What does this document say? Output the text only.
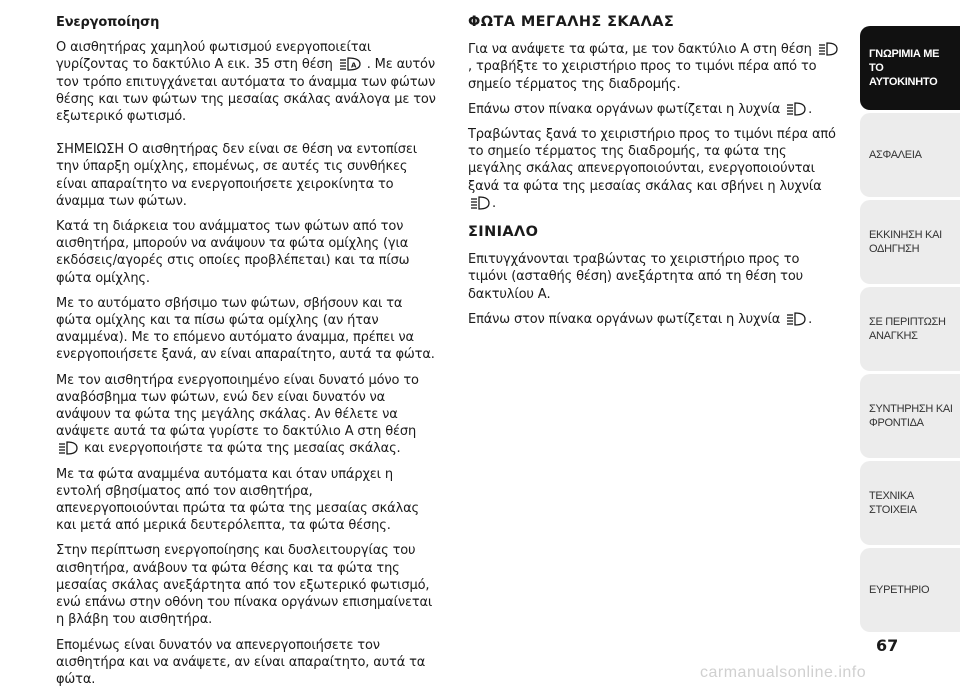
Ενεργοποίηση

Ο αισθητήρας χαμηλού φωτισμού ενεργοποιείται γυρίζοντας το δακτύλιο Α εικ. 35 στη θέση	A . Με αυτόν τον τρόπο επιτυγχάνεται αυτόματα το άναμμα των φώτων θέσης και των φώτων της μεσαίας σκάλας ανάλογα με τον εξωτερικό φωτισμό.

ΣΗΜΕΙΩΣΗ Ο αισθητήρας δεν είναι σε θέση να εντοπίσει την ύπαρξη ομίχλης, επομένως, σε αυτές τις συνθήκες είναι απαραίτητο να ενεργοποιήσετε χειροκίνητα το άναμμα των φώτων.

Κατά τη διάρκεια του ανάμματος των φώτων από τον αισθητήρα, μπορούν να ανάψουν τα φώτα ομίχλης (για εκδόσεις/αγορές στις οποίες προβλέπεται) και τα πίσω φώτα ομίχλης.

Με το αυτόματο σβήσιμο των φώτων, σβήσουν και τα φώτα ομίχλης και τα πίσω φώτα ομίχλης (αν ήταν αναμμένα). Με το επόμενο αυτόματο άναμμα, πρέπει να ενεργοποιήσετε ξανά, αν είναι απαραίτητο, αυτά τα φώτα.

Με τον αισθητήρα ενεργοποιημένο είναι δυνατό μόνο το αναβόσβημα των φώτων, ενώ δεν είναι δυνατόν να ανάψουν τα φώτα της μεγάλης σκάλας. Αν θέλετε να ανάψετε αυτά τα φώτα γυρίστε το δακτύλιο Α στη θέση  και ενεργοποιήστε τα φώτα της μεσαίας σκάλας.

Με τα φώτα αναμμένα αυτόματα και όταν υπάρχει η εντολή σβησίματος από τον αισθητήρα, απενεργοποιούνται πρώτα τα φώτα της μεσαίας σκάλας και μετά από μερικά δευτερόλεπτα, τα φώτα θέσης.

Στην περίπτωση ενεργοποίησης και δυσλειτουργίας του αισθητήρα, ανάβουν τα φώτα θέσης και τα φώτα της μεσαίας σκάλας ανεξάρτητα από τον εξωτερικό φωτισμό, ενώ επάνω στην οθόνη του πίνακα οργάνων επισημαίνεται η βλάβη του αισθητήρα.

Επομένως είναι δυνατόν να απενεργοποιήσετε τον αισθητήρα και να ανάψετε, αν είναι απαραίτητο, αυτά τα φώτα.

ΦΩΤΑ ΜΕΓΑΛΗΣ ΣΚΑΛΑΣ

Για να ανάψετε τα φώτα, με τον δακτύλιο Α στη θέση , τραβήξτε το χειριστήριο προς το τιμόνι πέρα από το σημείο τέρματος της διαδρομής.

Επάνω στον πίνακα οργάνων φωτίζεται η λυχνία .

Τραβώντας ξανά το χειριστήριο προς το τιμόνι πέρα από το σημείο τέρματος της διαδρομής, τα φώτα της μεγάλης σκάλας απενεργοποιούνται, ενεργοποιούνται ξανά τα φώτα της μεσαίας σκάλας και σβήνει η λυχνία .

ΣΙΝΙΑΛΟ

Επιτυγχάνονται τραβώντας το χειριστήριο προς το τιμόνι (ασταθής θέση) ανεξάρτητα από τη θέση του δακτυλίου Α.

Επάνω στον πίνακα οργάνων φωτίζεται η λυχνία .

ΓΝΩΡΙΜΙΑ ΜΕ ΤΟ ΑΥΤΟΚΙΝΗΤΟ
ΑΣΦΑΛΕΙΑ
ΕΚΚΙΝΗΣΗ ΚΑΙ ΟΔΗΓΗΣΗ
ΣΕ ΠΕΡΙΠΤΩΣΗ ΑΝΑΓΚΗΣ
ΣΥΝΤΗΡΗΣΗ ΚΑΙ ΦΡΟΝΤΙΔΑ
ΤΕΧΝΙΚΑ ΣΤΟΙΧΕΙΑ
ΕΥΡΕΤΗΡΙΟ
67
carmanualsonline.info
